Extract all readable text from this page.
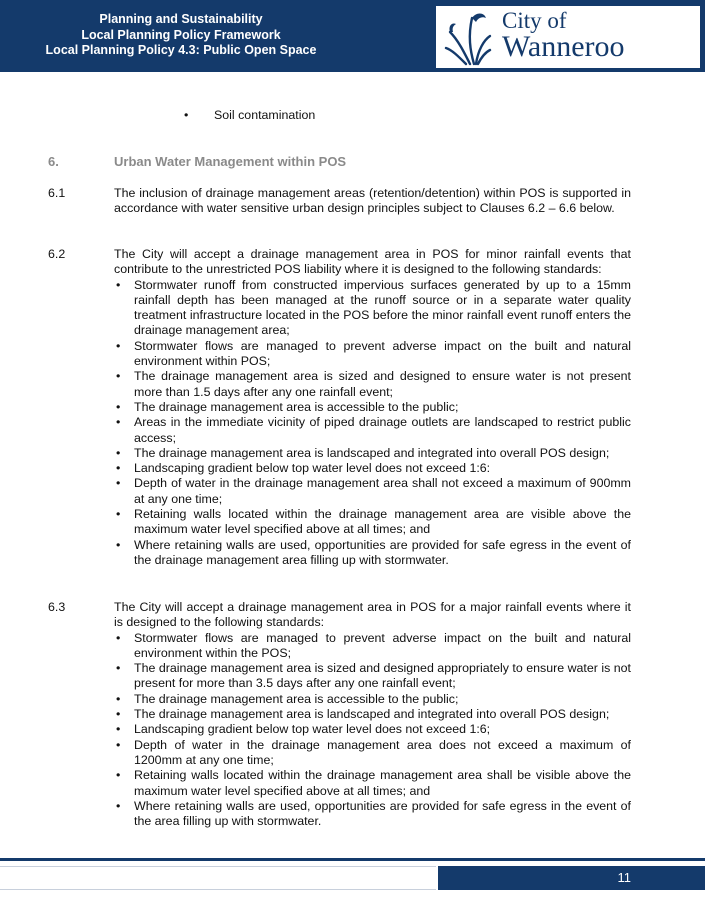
Planning and Sustainability
Local Planning Policy Framework
Local Planning Policy 4.3: Public Open Space
City of
Wanneroo
• Soil contamination
6.	Urban Water Management within POS
6.1	The inclusion of drainage management areas (retention/detention) within POS is supported in accordance with water sensitive urban design principles subject to Clauses 6.2 – 6.6 below.
6.2	The City will accept a drainage management area in POS for minor rainfall events that contribute to the unrestricted POS liability where it is designed to the following standards:
• Stormwater runoff from constructed impervious surfaces generated by up to a 15mm rainfall depth has been managed at the runoff source or in a separate water quality treatment infrastructure located in the POS before the minor rainfall event runoff enters the drainage management area;
• Stormwater flows are managed to prevent adverse impact on the built and natural environment within POS;
• The drainage management area is sized and designed to ensure water is not present more than 1.5 days after any one rainfall event;
• The drainage management area is accessible to the public;
• Areas in the immediate vicinity of piped drainage outlets are landscaped to restrict public access;
• The drainage management area is landscaped and integrated into overall POS design;
• Landscaping gradient below top water level does not exceed 1:6:
• Depth of water in the drainage management area shall not exceed a maximum of 900mm at any one time;
• Retaining walls located within the drainage management area are visible above the maximum water level specified above at all times; and
• Where retaining walls are used, opportunities are provided for safe egress in the event of the drainage management area filling up with stormwater.
6.3	The City will accept a drainage management area in POS for a major rainfall events where it is designed to the following standards:
• Stormwater flows are managed to prevent adverse impact on the built and natural environment within the POS;
• The drainage management area is sized and designed appropriately to ensure water is not present for more than 3.5 days after any one rainfall event;
• The drainage management area is accessible to the public;
• The drainage management area is landscaped and integrated into overall POS design;
• Landscaping gradient below top water level does not exceed 1:6;
• Depth of water in the drainage management area does not exceed a maximum of 1200mm at any one time;
• Retaining walls located within the drainage management area shall be visible above the maximum water level specified above at all times; and
• Where retaining walls are used, opportunities are provided for safe egress in the event of the area filling up with stormwater.
11
